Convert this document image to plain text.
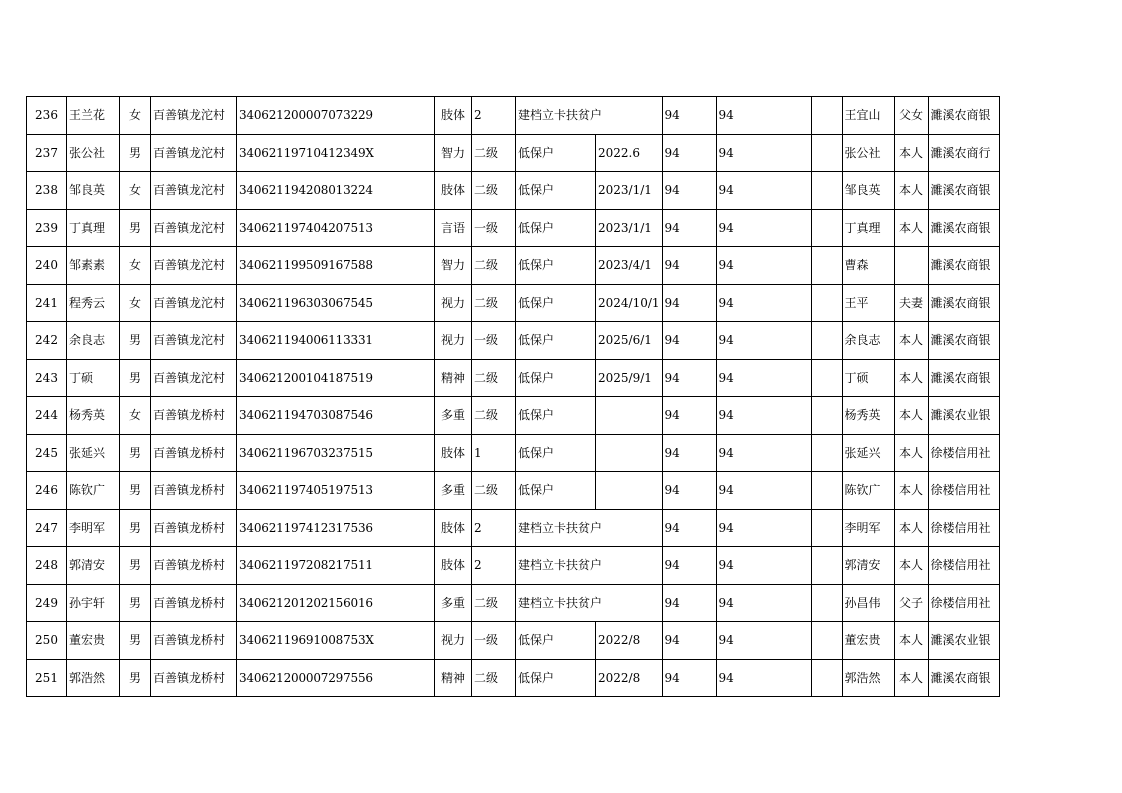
236	王兰花	女	百善镇龙沱村	340621200007073229	肢体	2	建档立卡扶贫户		94	94		王宜山	父女	濉溪农商银
237	张公社	男	百善镇龙沱村	34062119710412349X	智力	二级	低保户	2022.6	94	94		张公社	本人	濉溪农商行
238	邹良英	女	百善镇龙沱村	340621194208013224	肢体	二级	低保户	2023/1/1	94	94		邹良英	本人	濉溪农商银
239	丁真理	男	百善镇龙沱村	340621197404207513	言语	一级	低保户	2023/1/1	94	94		丁真理	本人	濉溪农商银
240	邹素素	女	百善镇龙沱村	340621199509167588	智力	二级	低保户	2023/4/1	94	94		曹森		濉溪农商银
241	程秀云	女	百善镇龙沱村	340621196303067545	视力	二级	低保户	2024/10/1	94	94		王平	夫妻	濉溪农商银
242	余良志	男	百善镇龙沱村	340621194006113331	视力	一级	低保户	2025/6/1	94	94		余良志	本人	濉溪农商银
243	丁硕	男	百善镇龙沱村	340621200104187519	精神	二级	低保户	2025/9/1	94	94		丁硕	本人	濉溪农商银
244	杨秀英	女	百善镇龙桥村	340621194703087546	多重	二级	低保户		94	94		杨秀英	本人	濉溪农业银
245	张延兴	男	百善镇龙桥村	340621196703237515	肢体	1	低保户		94	94		张延兴	本人	徐楼信用社
246	陈钦广	男	百善镇龙桥村	340621197405197513	多重	二级	低保户		94	94		陈钦广	本人	徐楼信用社
247	李明军	男	百善镇龙桥村	340621197412317536	肢体	2	建档立卡扶贫户		94	94		李明军	本人	徐楼信用社
248	郭清安	男	百善镇龙桥村	340621197208217511	肢体	2	建档立卡扶贫户		94	94		郭清安	本人	徐楼信用社
249	孙宇轩	男	百善镇龙桥村	340621201202156016	多重	二级	建档立卡扶贫户		94	94		孙昌伟	父子	徐楼信用社
250	董宏贵	男	百善镇龙桥村	34062119691008753X	视力	一级	低保户	2022/8	94	94		董宏贵	本人	濉溪农业银
251	郭浩然	男	百善镇龙桥村	340621200007297556	精神	二级	低保户	2022/8	94	94		郭浩然	本人	濉溪农商银
